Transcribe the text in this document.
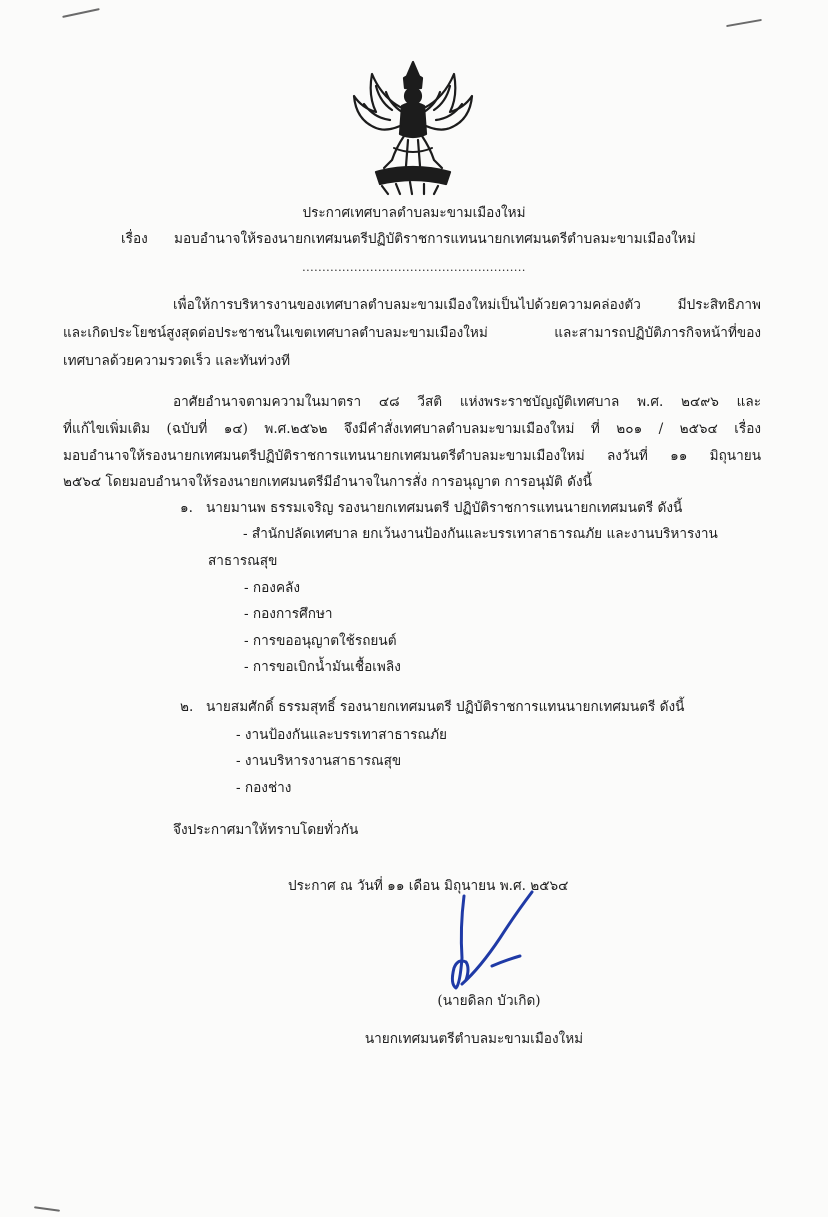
ประกาศเทศบาลตำบลมะขามเมืองใหม่
เรื่อง มอบอำนาจให้รองนายกเทศมนตรีปฏิบัติราชการแทนนายกเทศมนตรีตำบลมะขามเมืองใหม่
........................................................
เพื่อให้การบริหารงานของเทศบาลตำบลมะขามเมืองใหม่เป็นไปด้วยความคล่องตัว มีประสิทธิภาพ
และเกิดประโยชน์สูงสุดต่อประชาชนในเขตเทศบาลตำบลมะขามเมืองใหม่ และสามารถปฏิบัติภารกิจหน้าที่ของ
เทศบาลด้วยความรวดเร็ว และทันท่วงที
อาศัยอำนาจตามความในมาตรา ๔๘ วีสติ แห่งพระราชบัญญัติเทศบาล พ.ศ. ๒๔๙๖ และ
ที่แก้ไขเพิ่มเติม (ฉบับที่ ๑๔) พ.ศ.๒๕๖๒ จึงมีคำสั่งเทศบาลตำบลมะขามเมืองใหม่ ที่ ๒๐๑ / ๒๕๖๔ เรื่อง
มอบอำนาจให้รองนายกเทศมนตรีปฏิบัติราชการแทนนายกเทศมนตรีตำบลมะขามเมืองใหม่ ลงวันที่ ๑๑ มิถุนายน
๒๕๖๔ โดยมอบอำนาจให้รองนายกเทศมนตรีมีอำนาจในการสั่ง การอนุญาต การอนุมัติ ดังนี้
๑. นายมานพ ธรรมเจริญ รองนายกเทศมนตรี ปฏิบัติราชการแทนนายกเทศมนตรี ดังนี้
- สำนักปลัดเทศบาล ยกเว้นงานป้องกันและบรรเทาสาธารณภัย และงานบริหารงาน
สาธารณสุข
- กองคลัง
- กองการศึกษา
- การขออนุญาตใช้รถยนต์
- การขอเบิกน้ำมันเชื้อเพลิง
๒. นายสมศักดิ์ ธรรมสุทธิ์ รองนายกเทศมนตรี ปฏิบัติราชการแทนนายกเทศมนตรี ดังนี้
- งานป้องกันและบรรเทาสาธารณภัย
- งานบริหารงานสาธารณสุข
- กองช่าง
จึงประกาศมาให้ทราบโดยทั่วกัน
ประกาศ ณ วันที่ ๑๑ เดือน มิถุนายน พ.ศ. ๒๕๖๔
(นายดิลก บัวเกิด)
นายกเทศมนตรีตำบลมะขามเมืองใหม่
